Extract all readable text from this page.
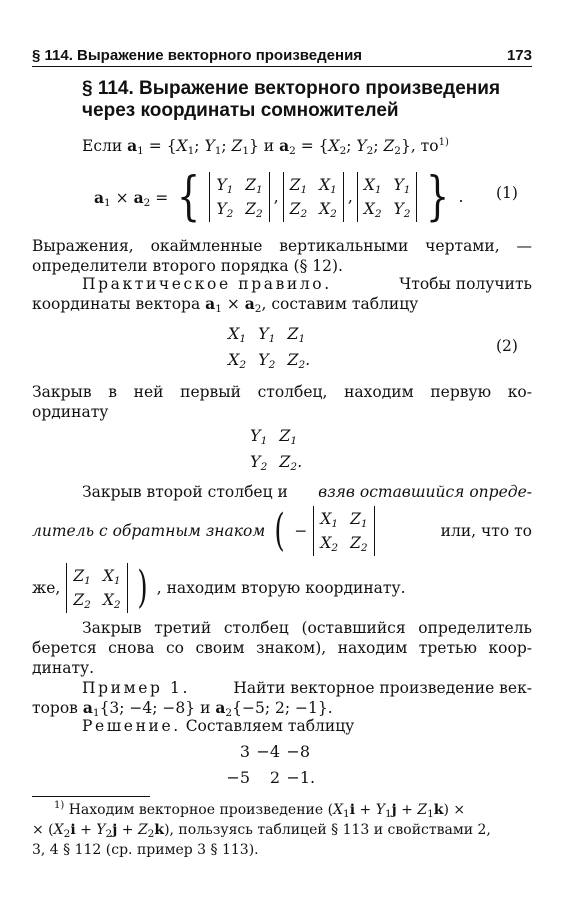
§ 114. Выражение векторного произведения	173
§ 114. Выражение векторного произведения
через координаты сомножителей
Если $a_1 = \{X_1$; $Y_1$; $Z_1$} и $a_2 = \{X_2$; $Y_2$; $Z_2$}, $то^{1)}$
$a_1 \times a_2$ = { $Y_1$ $Z_1$
$Y_2$ $Z_2$
,
$Z_1$ $X_1$
$Z_2$ $X_2$
,
$X_1$ $Y_1$
$X_2$ $Y_2$ } . (1)
Выражения, окаймленные вертикальными чертами, —
определители второго порядка (§ 12).
Практическое правило.	Чтобы получить
координаты вектора $a_1 \times a_2$, составим таблицу
$X_1$ $Y_1$ $Z_1$
$X_2$ $Y_2$ $Z_2$.
(2)
Закрыв в ней первый столбец, находим первую ко-
ординату
$Y_1$ $Z_1$
$Y_2$ $Z_2$.
Закрыв второй столбец и взяв оставшийся опреде-
литель с обратным знаком ( −
$X_1$ $Z_1$
$X_2$ $Z_2$
или, что то
же,
$Z_1$ $X_1$
$Z_2$ $X_2$ ) , находим вторую координату.
Закрыв третий столбец (оставшийся определитель
берется снова со своим знаком), находим третью коор-
динату.
Пример 1.	Найти векторное произведение век-
торов $a_1\{3$; −4; −8} и $a_2\{-5$; 2; −1}.
Решение. Составляем таблицу
3 −4 −8
−5	2 −1 .
$^{1)}$ Находим векторное произведение $(X_1i + Y_1j + Z_1k)$ ×
× $(X_2i + Y_2j + Z_2k)$, пользуясь таблицей § 113 и свойствами 2,
3, 4 § 112 (ср. пример 3 § 113).
